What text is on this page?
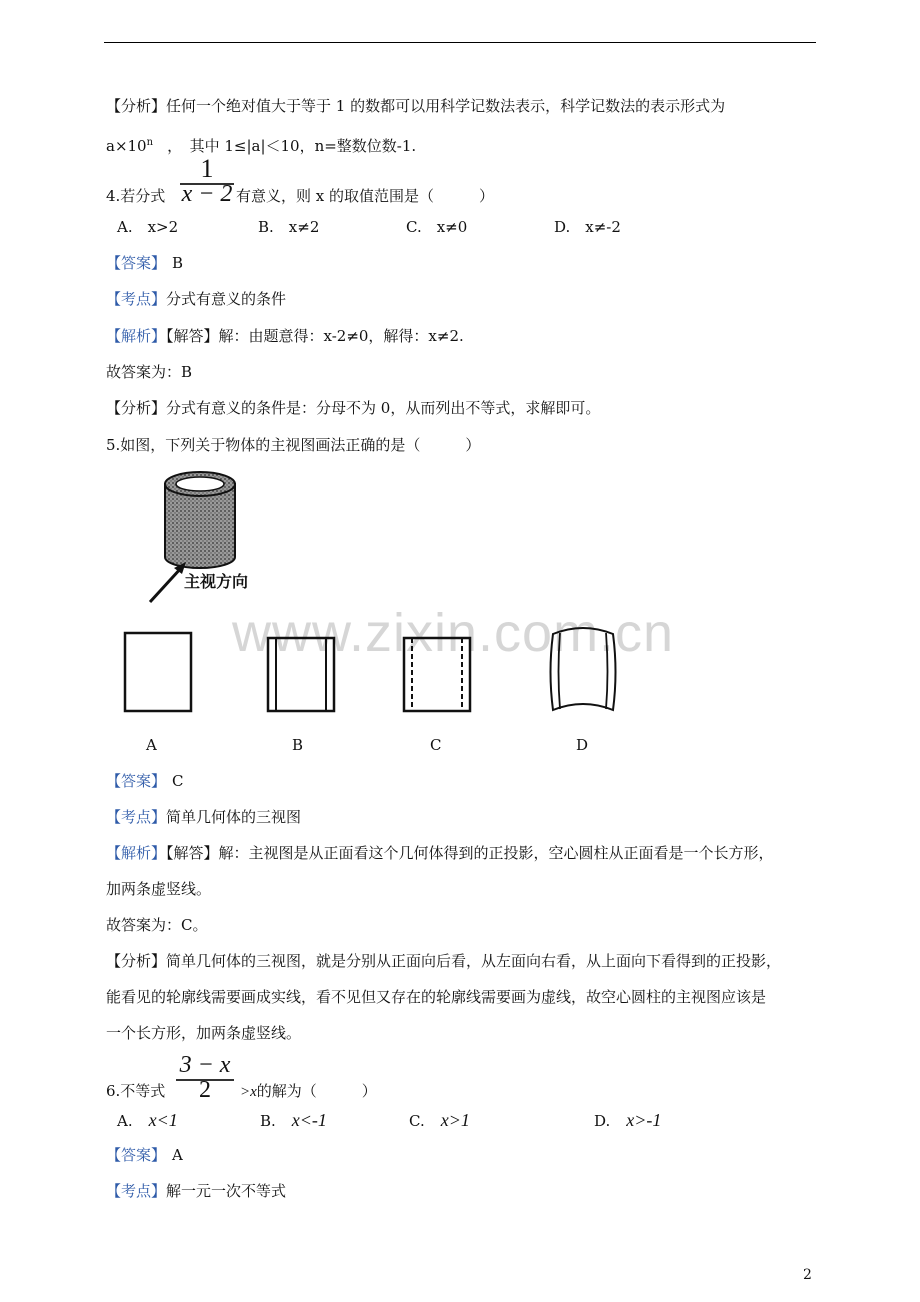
www.zixin.com.cn
【分析】任何一个绝对值大于等于 1 的数都可以用科学记数法表示，科学记数法的表示形式为
$a\times 10^n$ ，　其中 1≤|a|＜10，n=整数位数-1.
4.若分式
1
x − 2 有意义，则 x 的取值范围是（　　　）
A.　x>2	B.　x≠2	C.　x≠0	D.　x≠-2
【答案】 B
【考点】分式有意义的条件
【解析】【解答】解：由题意得：x-2≠0，解得：x≠2.
故答案为：B
【分析】分式有意义的条件是：分母不为 0，从而列出不等式，求解即可。
5.如图，下列关于物体的主视图画法正确的是（　　　）
主视方向
A	B	C	D
【答案】 C
【考点】简单几何体的三视图
【解析】【解答】解：主视图是从正面看这个几何体得到的正投影，空心圆柱从正面看是一个长方形，
加两条虚竖线。
故答案为：C。
【分析】简单几何体的三视图，就是分别从正面向后看，从左面向右看，从上面向下看得到的正投影，
能看见的轮廓线需要画成实线，看不见但又存在的轮廓线需要画为虚线，故空心圆柱的主视图应该是
一个长方形，加两条虚竖线。
6.不等式
3 − x
2	>x的解为（　　　）
A. x<1	B. x<-1	C. x>1	D. x>-1
【答案】 A
【考点】解一元一次不等式
2
